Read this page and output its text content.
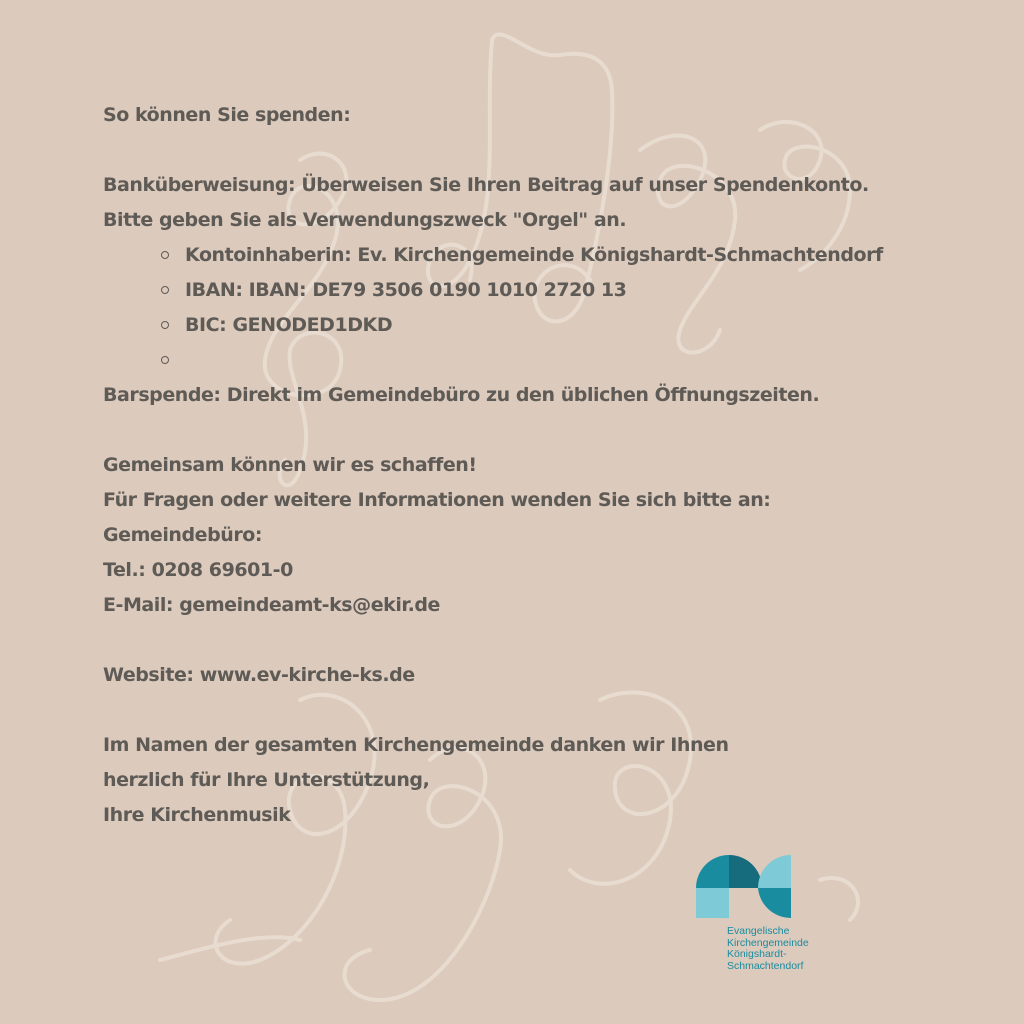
So können Sie spenden:
Banküberweisung: Überweisen Sie Ihren Beitrag auf unser Spendenkonto.
Bitte geben Sie als Verwendungszweck "Orgel" an.
Kontoinhaberin: Ev. Kirchengemeinde Königshardt-Schmachtendorf
IBAN: IBAN: DE79 3506 0190 1010 2720 13
BIC: GENODED1DKD
Barspende: Direkt im Gemeindebüro zu den üblichen Öffnungszeiten.
Gemeinsam können wir es schaffen!
Für Fragen oder weitere Informationen wenden Sie sich bitte an:
Gemeindebüro:
Tel.: 0208 69601-0
E-Mail: gemeindeamt-ks@ekir.de
Website: www.ev-kirche-ks.de
Im Namen der gesamten Kirchengemeinde danken wir Ihnen
herzlich für Ihre Unterstützung,
Ihre Kirchenmusik
Evangelische
Kirchengemeinde
Königshardt-
Schmachtendorf
